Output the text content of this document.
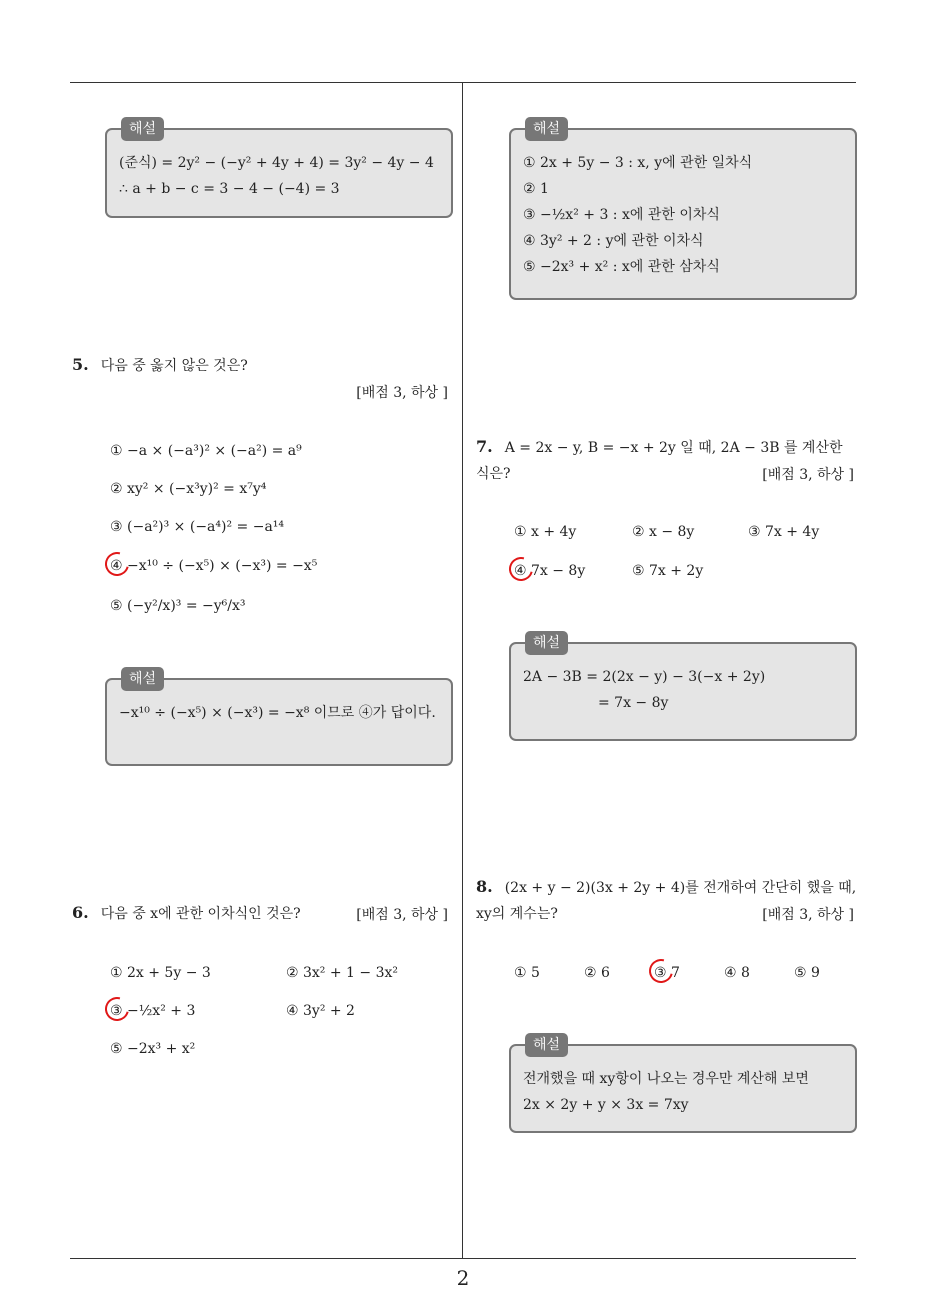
해설
(준식) = 2y² − (−y² + 4y + 4) = 3y² − 4y − 4
∴ a + b − c = 3 − 4 − (−4) = 3
5. 다음 중 옳지 않은 것은?
[배점 3, 하상 ]
① −a × (−a³)² × (−a²) = a⁹
② xy² × (−x³y)² = x⁷y⁴
③ (−a²)³ × (−a⁴)² = −a¹⁴
④ −x¹⁰ ÷ (−x⁵) × (−x³) = −x⁵
⑤ (−y²/x)³ = −y⁶/x³
해설
−x¹⁰ ÷ (−x⁵) × (−x³) = −x⁸ 이므로 ④가 답이다.
6. 다음 중 x에 관한 이차식인 것은?	[배점 3, 하상 ]
① 2x + 5y − 3	② 3x² + 1 − 3x²
③ −½x² + 3	④ 3y² + 2
⑤ −2x³ + x²
해설
① 2x + 5y − 3 : x, y에 관한 일차식
② 1
③ −½x² + 3 : x에 관한 이차식
④ 3y² + 2 : y에 관한 이차식
⑤ −2x³ + x² : x에 관한 삼차식
7. A = 2x − y, B = −x + 2y 일 때, 2A − 3B 를 계산한 식은?	[배점 3, 하상 ]
① x + 4y	② x − 8y	③ 7x + 4y
④ 7x − 8y	⑤ 7x + 2y
해설
2A − 3B = 2(2x − y) − 3(−x + 2y)
= 7x − 8y
8. (2x + y − 2)(3x + 2y + 4)를 전개하여 간단히 했을 때, xy의 계수는?	[배점 3, 하상 ]
① 5	② 6	③ 7	④ 8	⑤ 9
해설
전개했을 때 xy항이 나오는 경우만 계산해 보면
2x × 2y + y × 3x = 7xy
2
